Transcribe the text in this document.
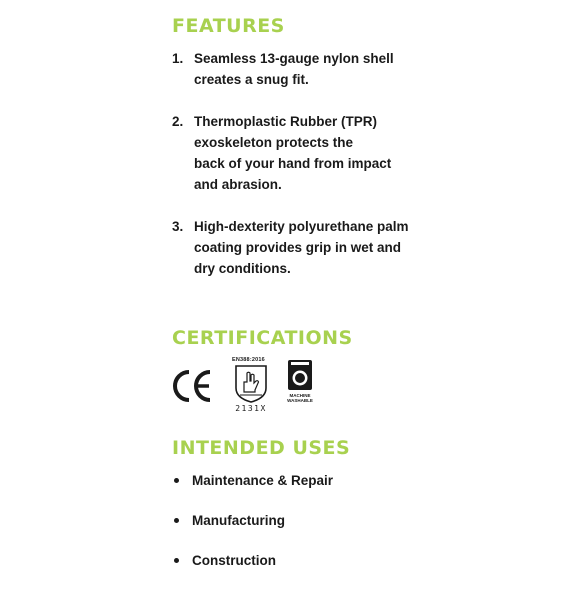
FEATURES
1. Seamless 13-gauge nylon shell
creates a snug fit.
2. Thermoplastic Rubber (TPR)
exoskeleton protects the
back of your hand from impact
and abrasion.
3. High-dexterity polyurethane palm
coating provides grip in wet and
dry conditions.
CERTIFICATIONS
EN388:2016
2131X
MACHINE WASHABLE
INTENDED USES
Maintenance & Repair
Manufacturing
Construction
